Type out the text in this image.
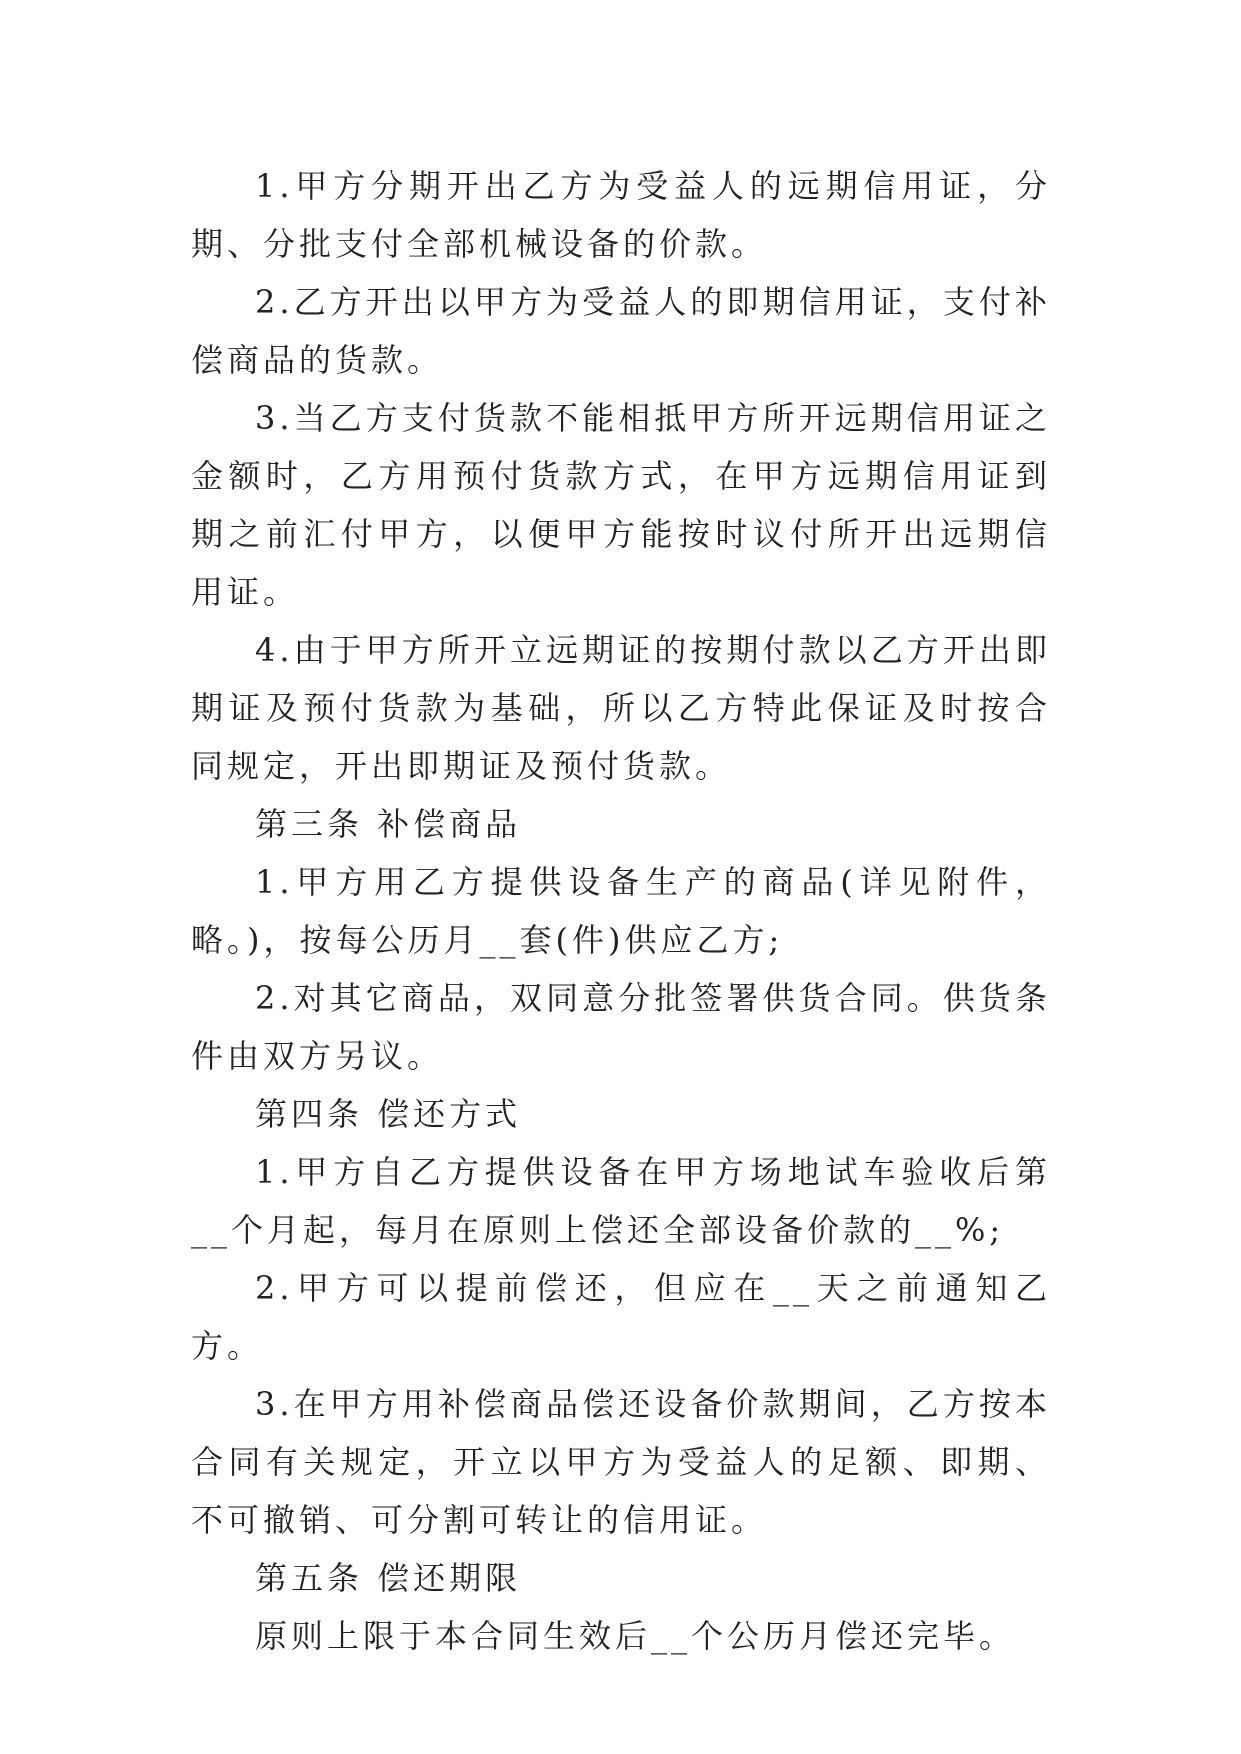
1.甲方分期开出乙方为受益人的远期信用证，分期、分批支付全部机械设备的价款。

2.乙方开出以甲方为受益人的即期信用证，支付补偿商品的货款。

3.当乙方支付货款不能相抵甲方所开远期信用证之金额时，乙方用预付货款方式，在甲方远期信用证到期之前汇付甲方，以便甲方能按时议付所开出远期信用证。

4.由于甲方所开立远期证的按期付款以乙方开出即期证及预付货款为基础，所以乙方特此保证及时按合同规定，开出即期证及预付货款。

第三条 补偿商品

1.甲方用乙方提供设备生产的商品(详见附件，略。)，按每公历月__套(件)供应乙方;

2.对其它商品，双同意分批签署供货合同。供货条件由双方另议。

第四条 偿还方式

1.甲方自乙方提供设备在甲方场地试车验收后第__个月起，每月在原则上偿还全部设备价款的__%;

2.甲方可以提前偿还，但应在__天之前通知乙方。

3.在甲方用补偿商品偿还设备价款期间，乙方按本合同有关规定，开立以甲方为受益人的足额、即期、不可撤销、可分割可转让的信用证。

第五条 偿还期限

原则上限于本合同生效后__个公历月偿还完毕。
